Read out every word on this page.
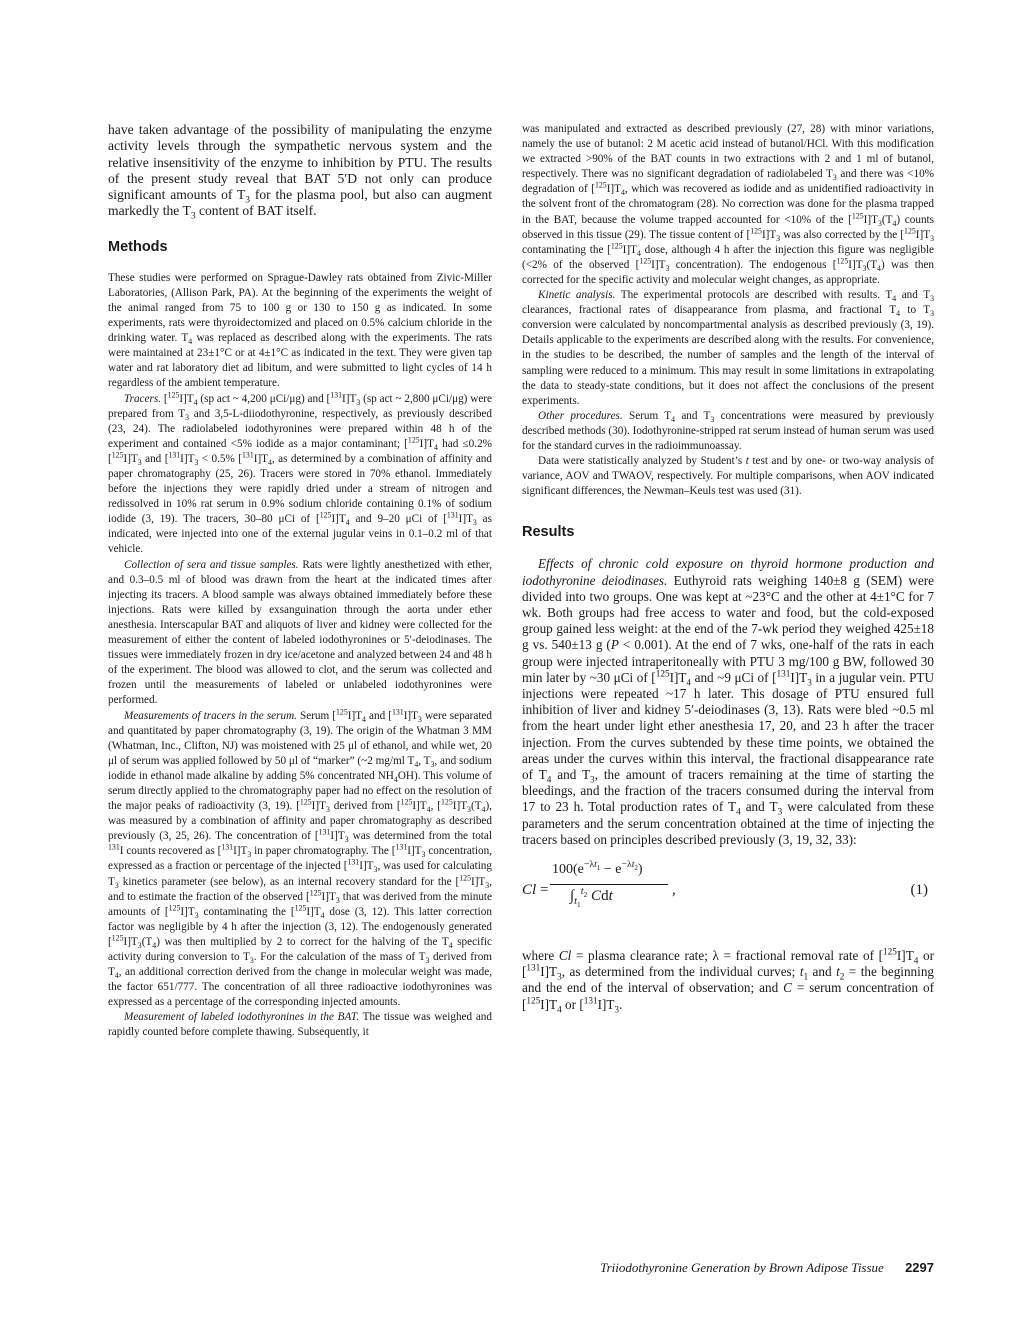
have taken advantage of the possibility of manipulating the enzyme activity levels through the sympathetic nervous system and the relative insensitivity of the enzyme to inhibition by PTU. The results of the present study reveal that BAT 5′D not only can produce significant amounts of $T_3$ for the plasma pool, but also can augment markedly the $T_3$ content of BAT itself.

Methods

These studies were performed on Sprague-Dawley rats obtained from Zivic-Miller Laboratories, (Allison Park, PA). At the beginning of the experiments the weight of the animal ranged from 75 to 100 g or 130 to 150 g as indicated. In some experiments, rats were thyroidectomized and placed on 0.5% calcium chloride in the drinking water. $T_4$ was replaced as described along with the experiments. The rats were maintained at 23±1°C or at 4±1°C as indicated in the text. They were given tap water and rat laboratory diet ad libitum, and were submitted to light cycles of 14 h regardless of the ambient temperature.

Tracers. $[^{125}I]T_4$ (sp act ~ 4,200 μCi/μg) and $[^{131}I]T_3$ (sp act ~ 2,800 μCi/μg) were prepared from $T_3$ and 3,5-L-diiodothyronine, respectively, as previously described (23, 24). The radiolabeled iodothyronines were prepared within 48 h of the experiment and contained <5% iodide as a major contaminant; $[^{125}I]T_4$ had ≤0.2% $[^{125}I]T_3$ and $[^{131}I]T_3 < 0.5\%$ $[^{131}I]T_4$, as determined by a combination of affinity and paper chromatography (25, 26). Tracers were stored in 70% ethanol. Immediately before the injections they were rapidly dried under a stream of nitrogen and redissolved in 10% rat serum in 0.9% sodium chloride containing 0.1% of sodium iodide (3, 19). The tracers, 30–80 μCi of $[^{125}I]T_4$ and 9–20 μCi of $[^{131}I]T_3$ as indicated, were injected into one of the external jugular veins in 0.1–0.2 ml of that vehicle.

Collection of sera and tissue samples. Rats were lightly anesthetized with ether, and 0.3–0.5 ml of blood was drawn from the heart at the indicated times after injecting its tracers. A blood sample was always obtained immediately before these injections. Rats were killed by exsanguination through the aorta under ether anesthesia. Interscapular BAT and aliquots of liver and kidney were collected for the measurement of either the content of labeled iodothyronines or 5′-deiodinases. The tissues were immediately frozen in dry ice/acetone and analyzed between 24 and 48 h of the experiment. The blood was allowed to clot, and the serum was collected and frozen until the measurements of labeled or unlabeled iodothyronines were performed.

Measurements of tracers in the serum. Serum $[^{125}I]T_4$ and $[^{131}I]T_3$ were separated and quantitated by paper chromatography (3, 19). The origin of the Whatman 3 MM (Whatman, Inc., Clifton, NJ) was moistened with 25 μl of ethanol, and while wet, 20 μl of serum was applied followed by 50 μl of “marker” (~2 mg/ml $T_4$, $T_3$, and sodium iodide in ethanol made alkaline by adding 5% concentrated $NH_4OH$). This volume of serum directly applied to the chromatography paper had no effect on the resolution of the major peaks of radioactivity (3, 19). $[^{125}I]T_3$ derived from $[^{125}I]T_4$, $[^{125}I]T_3(T_4)$, was measured by a combination of affinity and paper chromatography as described previously (3, 25, 26). The concentration of $[^{131}I]T_3$ was determined from the total $^{131}$I counts recovered as $[^{131}I]T_3$ in paper chromatography. The $[^{131}I]T_3$ concentration, expressed as a fraction or percentage of the injected $[^{131}I]T_3$, was used for calculating $T_3$ kinetics parameter (see below), as an internal recovery standard for the $[^{125}I]T_3$, and to estimate the fraction of the observed $[^{125}I]T_3$ that was derived from the minute amounts of $[^{125}I]T_3$ contaminating the $[^{125}I]T_4$ dose (3, 12). This latter correction factor was negligible by 4 h after the injection (3, 12). The endogenously generated $[^{125}I]T_3(T_4)$ was then multiplied by 2 to correct for the halving of the $T_4$ specific activity during conversion to $T_3$. For the calculation of the mass of $T_3$ derived from $T_4$, an additional correction derived from the change in molecular weight was made, the factor 651/777. The concentration of all three radioactive iodothyronines was expressed as a percentage of the corresponding injected amounts.

Measurement of labeled iodothyronines in the BAT. The tissue was weighed and rapidly counted before complete thawing. Subsequently, it

was manipulated and extracted as described previously (27, 28) with minor variations, namely the use of butanol: 2 M acetic acid instead of butanol/HCl. With this modification we extracted >90% of the BAT counts in two extractions with 2 and 1 ml of butanol, respectively. There was no significant degradation of radiolabeled $T_3$ and there was <10% degradation of $[^{125}I]T_4$, which was recovered as iodide and as unidentified radioactivity in the solvent front of the chromatogram (28). No correction was done for the plasma trapped in the BAT, because the volume trapped accounted for <10% of the $[^{125}I]T_3(T_4)$ counts observed in this tissue (29). The tissue content of $[^{125}I]T_3$ was also corrected by the $[^{125}I]T_3$ contaminating the $[^{125}I]T_4$ dose, although 4 h after the injection this figure was negligible (<2% of the observed $[^{125}I]T_3$ concentration). The endogenous $[^{125}I]T_3(T_4)$ was then corrected for the specific activity and molecular weight changes, as appropriate.

Kinetic analysis. The experimental protocols are described with results. $T_4$ and $T_3$ clearances, fractional rates of disappearance from plasma, and fractional $T_4$ to $T_3$ conversion were calculated by noncompartmental analysis as described previously (3, 19). Details applicable to the experiments are described along with the results. For convenience, in the studies to be described, the number of samples and the length of the interval of sampling were reduced to a minimum. This may result in some limitations in extrapolating the data to steady-state conditions, but it does not affect the conclusions of the present experiments.

Other procedures. Serum $T_4$ and $T_3$ concentrations were measured by previously described methods (30). Iodothyronine-stripped rat serum instead of human serum was used for the standard curves in the radioimmunoassay.

Data were statistically analyzed by Student’s t test and by one- or two-way analysis of variance, AOV and TWAOV, respectively. For multiple comparisons, when AOV indicated significant differences, the Newman–Keuls test was used (31).

Results

Effects of chronic cold exposure on thyroid hormone production and iodothyronine deiodinases. Euthyroid rats weighing 140±8 g (SEM) were divided into two groups. One was kept at ~23°C and the other at 4±1°C for 7 wk. Both groups had free access to water and food, but the cold-exposed group gained less weight: at the end of the 7-wk period they weighed 425±18 g vs. 540±13 g (P < 0.001). At the end of 7 wks, one-half of the rats in each group were injected intraperitoneally with PTU 3 mg/100 g BW, followed 30 min later by ~30 μCi of $[^{125}I]T_4$ and ~9 μCi of $[^{131}I]T_3$ in a jugular vein. PTU injections were repeated ~17 h later. This dosage of PTU ensured full inhibition of liver and kidney 5′-deiodinases (3, 13). Rats were bled ~0.5 ml from the heart under light ether anesthesia 17, 20, and 23 h after the tracer injection. From the curves subtended by these time points, we obtained the areas under the curves within this interval, the fractional disappearance rate of $T_4$ and $T_3$, the amount of tracers remaining at the time of starting the bleedings, and the fraction of the tracers consumed during the interval from 17 to 23 h. Total production rates of $T_4$ and $T_3$ were calculated from these parameters and the serum concentration obtained at the time of injecting the tracers based on principles described previously (3, 19, 32, 33):

Cl =
$100(e^{-\lambda t_1} - e^{-\lambda t_2})$
$\int_{t_1}^{t_2}$ Cdt	,	(1)

where Cl = plasma clearance rate; λ = fractional removal rate of $[^{125}I]T_4$ or $[^{131}I]T_3$, as determined from the individual curves; $t_1$ and $t_2$ = the beginning and the end of the interval of observation; and C = serum concentration of $[^{125}I]T_4$ or $[^{131}I]T_3$.

Triiodothyronine Generation by Brown Adipose Tissue 2297
